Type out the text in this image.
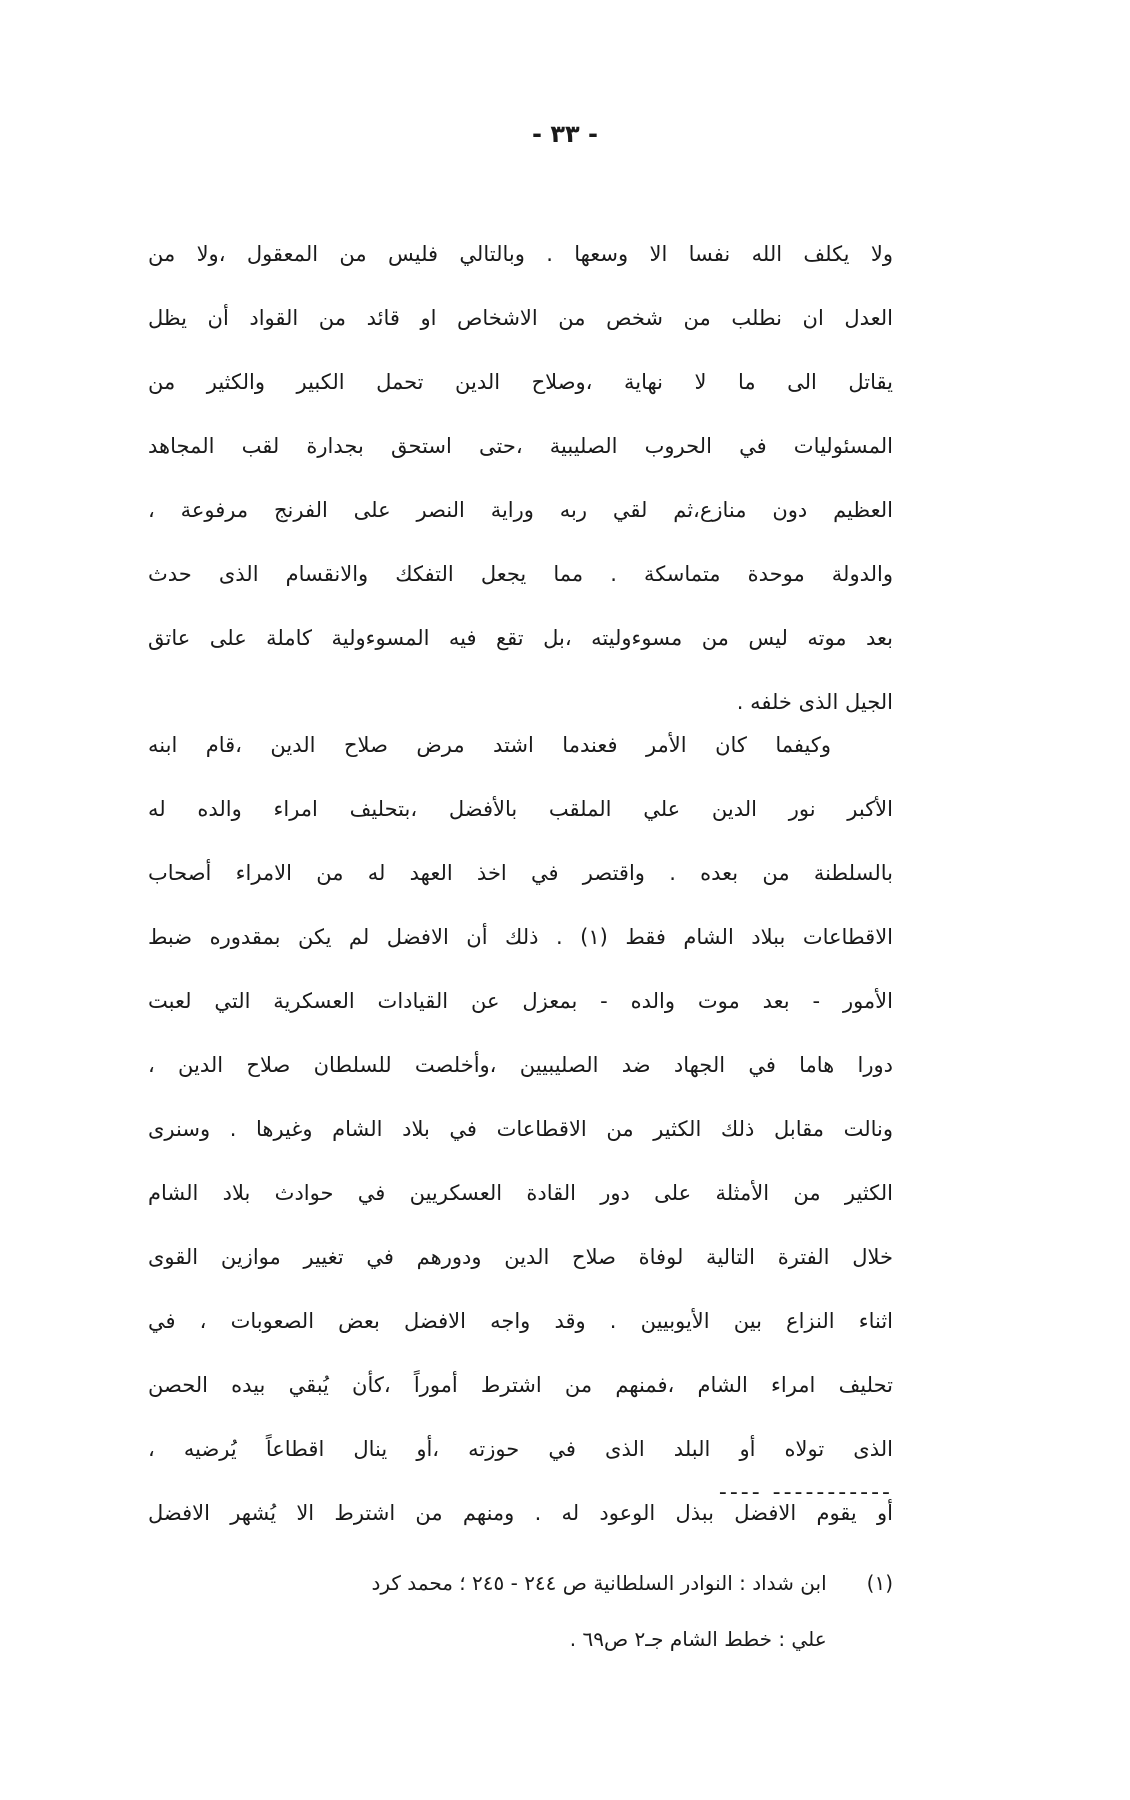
- ٣٣ -
ولا يكلف الله نفسا الا وسعها . وبالتالي فليس من المعقول ،ولا من
العدل ان نطلب من شخص من الاشخاص او قائد من القواد أن يظل
يقاتل الى ما لا نهاية ،وصلاح الدين تحمل الكبير والكثير من
المسئوليات في الحروب الصليبية ،حتى استحق بجدارة لقب المجاهد
العظيم دون منازع،ثم لقي ربه وراية النصر على الفرنج مرفوعة ،
والدولة موحدة متماسكة . مما يجعل التفكك والانقسام الذى حدث
بعد موته ليس من مسوءوليته ،بل تقع فيه المسوءولية كاملة على عاتق
الجيل الذى خلفه .
وكيفما كان الأمر فعندما اشتد مرض صلاح الدين ،قام ابنه
الأكبر نور الدين علي الملقب بالأفضل ،بتحليف امراء والده له
بالسلطنة من بعده . واقتصر في اخذ العهد له من الامراء أصحاب
الاقطاعات ببلاد الشام فقط (١) . ذلك أن الافضل لم يكن بمقدوره ضبط
الأمور - بعد موت والده - بمعزل عن القيادات العسكرية التي لعبت
دورا هاما في الجهاد ضد الصليبيين ،وأخلصت للسلطان صلاح الدين ،
ونالت مقابل ذلك الكثير من الاقطاعات في بلاد الشام وغيرها . وسنرى
الكثير من الأمثلة على دور القادة العسكريين في حوادث بلاد الشام
خلال الفترة التالية لوفاة صلاح الدين ودورهم في تغيير موازين القوى
اثناء النزاع بين الأيوبيين . وقد واجه الافضل بعض الصعوبات ، في
تحليف امراء الشام ،فمنهم من اشترط أموراً ،كأن يُبقي بيده الحصن
الذى تولاه أو البلد الذى في حوزته ،أو ينال اقطاعاً يُرضيه ،
أو يقوم الافضل ببذل الوعود له . ومنهم من اشترط الا يُشهر الافضل
----------- ----
(١) ابن شداد : النوادر السلطانية ص ٢٤٤ - ٢٤٥ ؛ محمد كرد
علي : خطط الشام جـ٢ ص٦٩ .
